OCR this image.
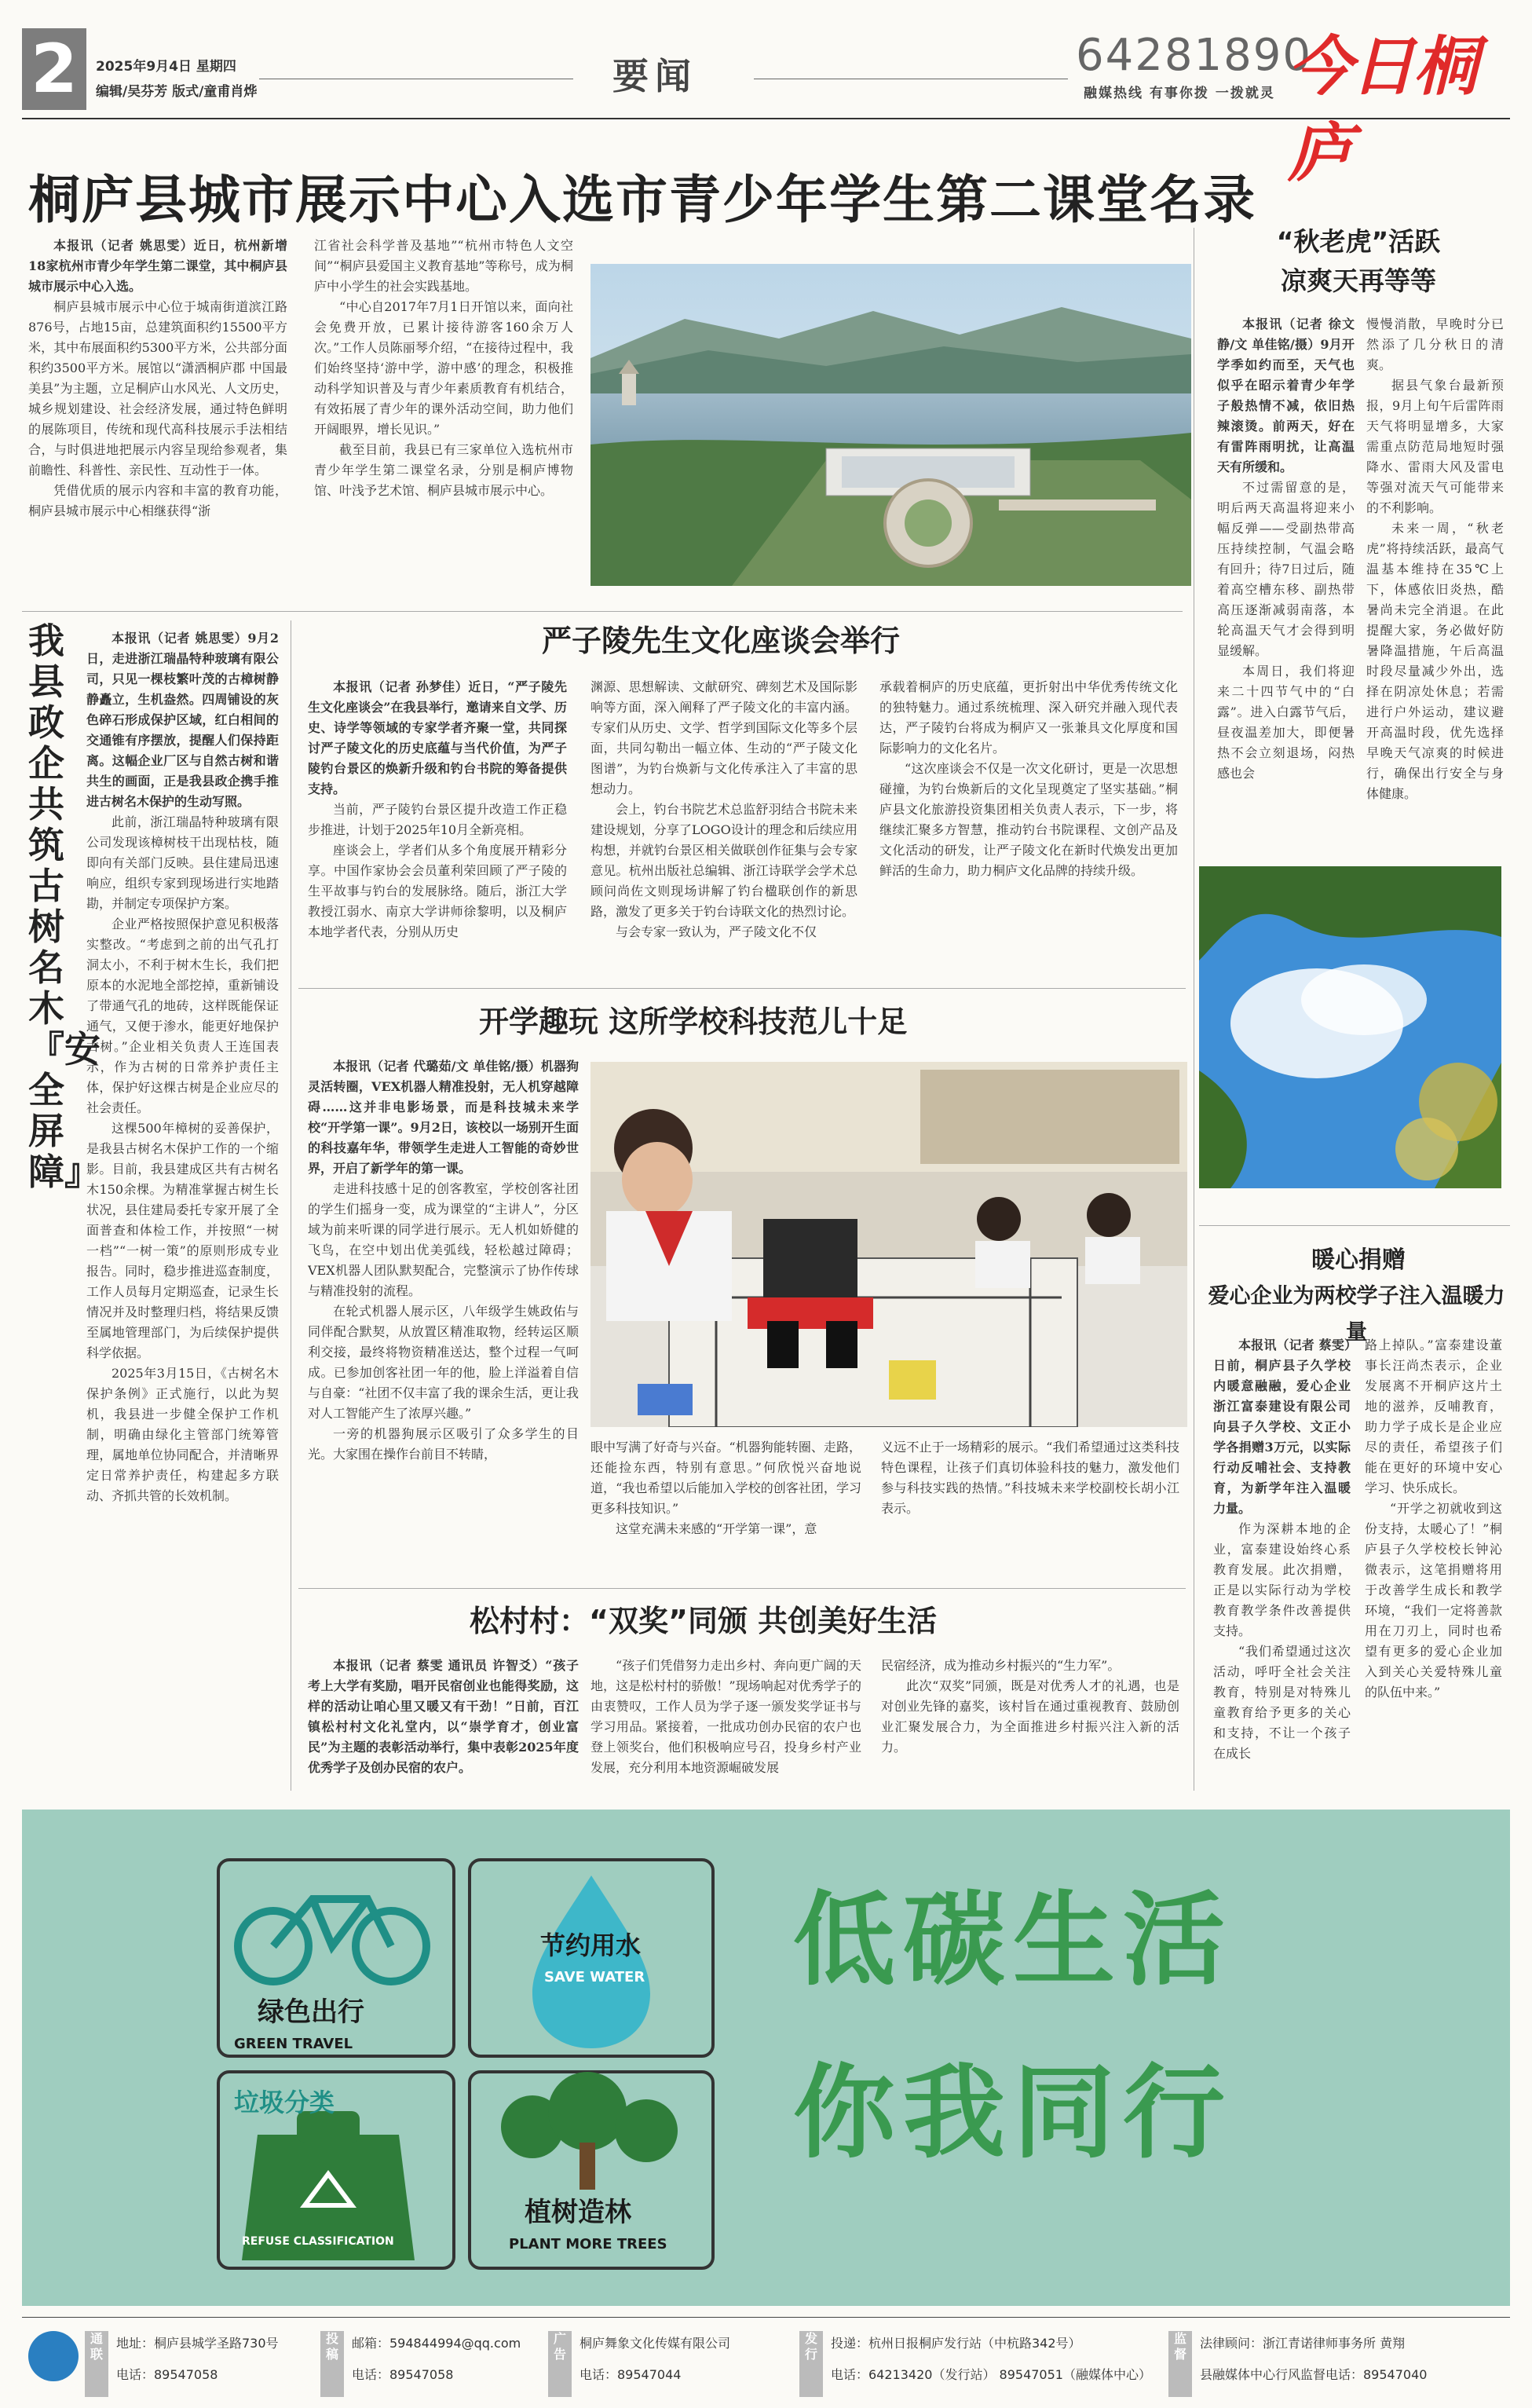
2	2025年9月4日 星期四
编辑/吴芬芳 版式/童甫肖烨	要闻	64281890
融媒热线 有事你拨 一拨就灵 今日桐庐
桐庐县城市展示中心入选市青少年学生第二课堂名录

本报讯（记者 姚思雯）近日，杭州新增18家杭州市青少年学生第二课堂，其中桐庐县城市展示中心入选。

桐庐县城市展示中心位于城南街道滨江路876号，占地15亩，总建筑面积约15500平方米，其中布展面积约5300平方米，公共部分面积约3500平方米。展馆以“潇洒桐庐郡 中国最美县”为主题，立足桐庐山水风光、人文历史，城乡规划建设、社会经济发展，通过特色鲜明的展陈项目，传统和现代高科技展示手法相结合，与时俱进地把展示内容呈现给参观者，集前瞻性、科普性、亲民性、互动性于一体。

凭借优质的展示内容和丰富的教育功能，桐庐县城市展示中心相继获得“浙

江省社会科学普及基地”“杭州市特色人文空间”“桐庐县爱国主义教育基地”等称号，成为桐庐中小学生的社会实践基地。

“中心自2017年7月1日开馆以来，面向社会免费开放，已累计接待游客160余万人次。”工作人员陈丽琴介绍，“在接待过程中，我们始终坚持‘游中学，游中感’的理念，积极推动科学知识普及与青少年素质教育有机结合，有效拓展了青少年的课外活动空间，助力他们开阔眼界，增长见识。”

截至目前，我县已有三家单位入选杭州市青少年学生第二课堂名录，分别是桐庐博物馆、叶浅予艺术馆、桐庐县城市展示中心。

“秋老虎”活跃
凉爽天再等等

本报讯（记者 徐文静/文 单佳铭/摄）9月开学季如约而至，天气也似乎在昭示着青少年学子般热情不减，依旧热辣滚烫。前两天，好在有雷阵雨明扰，让高温天有所缓和。

不过需留意的是，明后两天高温将迎来小幅反弹——受副热带高压持续控制，气温会略有回升；待7日过后，随着高空槽东移、副热带高压逐渐减弱南落，本轮高温天气才会得到明显缓解。

本周日，我们将迎来二十四节气中的“白露”。进入白露节气后，昼夜温差加大，即便暑热不会立刻退场，闷热感也会

慢慢消散，早晚时分已然添了几分秋日的清爽。

据县气象台最新预报，9月上旬午后雷阵雨天气将明显增多，大家需重点防范局地短时强降水、雷雨大风及雷电等强对流天气可能带来的不利影响。

未来一周，“秋老虎”将持续活跃，最高气温基本维持在35℃上下，体感依旧炎热，酷暑尚未完全消退。在此提醒大家，务必做好防暑降温措施，午后高温时段尽量减少外出，选择在阴凉处休息；若需进行户外运动，建议避开高温时段，优先选择早晚天气凉爽的时候进行，确保出行安全与身体健康。

暖心捐赠
爱心企业为两校学子注入温暖力量

本报讯（记者 蔡雯）日前，桐庐县子久学校内暖意融融，爱心企业浙江富泰建设有限公司向县子久学校、文正小学各捐赠3万元，以实际行动反哺社会、支持教育，为新学年注入温暖力量。

作为深耕本地的企业，富泰建设始终心系教育发展。此次捐赠，正是以实际行动为学校教育教学条件改善提供支持。

“我们希望通过这次活动，呼吁全社会关注教育，特别是对特殊儿童教育给予更多的关心和支持，不让一个孩子在成长

路上掉队。”富泰建设董事长汪尚杰表示，企业发展离不开桐庐这片土地的滋养，反哺教育，助力学子成长是企业应尽的责任，希望孩子们能在更好的环境中安心学习、快乐成长。

“开学之初就收到这份支持，太暖心了！”桐庐县子久学校校长钟沁微表示，这笔捐赠将用于改善学生成长和教学环境，“我们一定将善款用在刀刃上，同时也希望有更多的爱心企业加入到关心关爱特殊儿童的队伍中来。”

我县政企共筑古树名木『安全屏障』

本报讯（记者 姚思雯）9月2日，走进浙江瑞晶特种玻璃有限公司，只见一棵枝繁叶茂的古樟树静静矗立，生机盎然。四周铺设的灰色碎石形成保护区域，红白相间的交通锥有序摆放，提醒人们保持距离。这幅企业厂区与自然古树和谐共生的画面，正是我县政企携手推进古树名木保护的生动写照。

此前，浙江瑞晶特种玻璃有限公司发现该樟树枝干出现枯枝，随即向有关部门反映。县住建局迅速响应，组织专家到现场进行实地踏勘，并制定专项保护方案。

企业严格按照保护意见积极落实整改。“考虑到之前的出气孔打洞太小，不利于树木生长，我们把原本的水泥地全部挖掉，重新铺设了带通气孔的地砖，这样既能保证通气，又便于渗水，能更好地保护古树。”企业相关负责人王连国表示，作为古树的日常养护责任主体，保护好这棵古树是企业应尽的社会责任。

这棵500年樟树的妥善保护，是我县古树名木保护工作的一个缩影。目前，我县建成区共有古树名木150余棵。为精准掌握古树生长状况，县住建局委托专家开展了全面普查和体检工作，并按照“一树一档”“一树一策”的原则形成专业报告。同时，稳步推进巡查制度，工作人员每月定期巡查，记录生长情况并及时整理归档，将结果反馈至属地管理部门，为后续保护提供科学依据。

2025年3月15日，《古树名木保护条例》正式施行，以此为契机，我县进一步健全保护工作机制，明确由绿化主管部门统筹管理，属地单位协同配合，并清晰界定日常养护责任，构建起多方联动、齐抓共管的长效机制。

严子陵先生文化座谈会举行

本报讯（记者 孙梦佳）近日，“严子陵先生文化座谈会”在我县举行，邀请来自文学、历史、诗学等领域的专家学者齐聚一堂，共同探讨严子陵文化的历史底蕴与当代价值，为严子陵钓台景区的焕新升级和钓台书院的筹备提供支持。

当前，严子陵钓台景区提升改造工作正稳步推进，计划于2025年10月全新亮相。

座谈会上，学者们从多个角度展开精彩分享。中国作家协会会员董利荣回顾了严子陵的生平故事与钓台的发展脉络。随后，浙江大学教授江弱水、南京大学讲师徐黎明，以及桐庐本地学者代表，分别从历史

渊源、思想解读、文献研究、碑刻艺术及国际影响等方面，深入阐释了严子陵文化的丰富内涵。专家们从历史、文学、哲学到国际文化等多个层面，共同勾勒出一幅立体、生动的“严子陵文化图谱”，为钓台焕新与文化传承注入了丰富的思想动力。

会上，钓台书院艺术总监舒羽结合书院未来建设规划，分享了LOGO设计的理念和后续应用构想，并就钓台景区相关做联创作征集与会专家意见。杭州出版社总编辑、浙江诗联学会学术总顾问尚佐文则现场讲解了钓台楹联创作的新思路，激发了更多关于钓台诗联文化的热烈讨论。

与会专家一致认为，严子陵文化不仅

承载着桐庐的历史底蕴，更折射出中华优秀传统文化的独特魅力。通过系统梳理、深入研究并融入现代表达，严子陵钓台将成为桐庐又一张兼具文化厚度和国际影响力的文化名片。

“这次座谈会不仅是一次文化研讨，更是一次思想碰撞，为钓台焕新后的文化呈现奠定了坚实基础。”桐庐县文化旅游投资集团相关负责人表示，下一步，将继续汇聚多方智慧，推动钓台书院课程、文创产品及文化活动的研发，让严子陵文化在新时代焕发出更加鲜活的生命力，助力桐庐文化品牌的持续升级。

开学趣玩 这所学校科技范儿十足

本报讯（记者 代璐茹/文 单佳铭/摄）机器狗灵活转圈，VEX机器人精准投射，无人机穿越障碍……这并非电影场景，而是科技城未来学校“开学第一课”。9月2日，该校以一场别开生面的科技嘉年华，带领学生走进人工智能的奇妙世界，开启了新学年的第一课。

走进科技感十足的创客教室，学校创客社团的学生们摇身一变，成为课堂的“主讲人”，分区域为前来听课的同学进行展示。无人机如娇健的飞鸟，在空中划出优美弧线，轻松越过障碍；VEX机器人团队默契配合，完整演示了协作传球与精准投射的流程。

在轮式机器人展示区，八年级学生姚政佑与同伴配合默契，从放置区精准取物，经转运区顺利交接，最终将物资精准送达，整个过程一气呵成。已参加创客社团一年的他，脸上洋溢着自信与自豪：“社团不仅丰富了我的课余生活，更让我对人工智能产生了浓厚兴趣。”

一旁的机器狗展示区吸引了众多学生的目光。大家围在操作台前目不转睛，	眼中写满了好奇与兴奋。“机器狗能转圈、走路，还能捡东西，特别有意思。”何欣悦兴奋地说道，“我也希望以后能加入学校的创客社团，学习更多科技知识。”

这堂充满未来感的“开学第一课”，意

义远不止于一场精彩的展示。“我们希望通过这类科技特色课程，让孩子们真切体验科技的魅力，激发他们参与科技实践的热情。”科技城未来学校副校长胡小江表示。

松村村：“双奖”同颁 共创美好生活

本报讯（记者 蔡雯 通讯员 许智爻）“孩子考上大学有奖励，唱开民宿创业也能得奖励，这样的活动让咱心里又暖又有干劲！”日前，百江镇松村村文化礼堂内，以“崇学育才，创业富民”为主题的表彰活动举行，集中表彰2025年度优秀学子及创办民宿的农户。

“孩子们凭借努力走出乡村、奔向更广阔的天地，这是松村村的骄傲！”现场响起对优秀学子的由衷赞叹，工作人员为学子逐一颁发奖学证书与学习用品。紧接着，一批成功创办民宿的农户也登上领奖台，他们积极响应号召，投身乡村产业发展，充分利用本地资源崛破发展

民宿经济，成为推动乡村振兴的“生力军”。

此次“双奖”同颁，既是对优秀人才的礼遇，也是对创业先锋的嘉奖，该村旨在通过重视教育、鼓励创业汇聚发展合力，为全面推进乡村振兴注入新的活力。

绿色出行
GREEN TRAVEL
节约用水
SAVE WATER
垃圾分类
REFUSE CLASSIFICATION
植树造林
PLANT MORE TREES
低碳生活
你我同行
通联
地址：桐庐县城学圣路730号
电话：89547058
投稿
邮箱：594844994@qq.com
电话：89547058
广告
桐庐舞象文化传媒有限公司
电话：89547044
发行
投递：杭州日报桐庐发行站（中杭路342号）
电话：64213420（发行站） 89547051（融媒体中心）
监督
法律顾问：浙江青诺律师事务所 黄翔
县融媒体中心行风监督电话：89547040
